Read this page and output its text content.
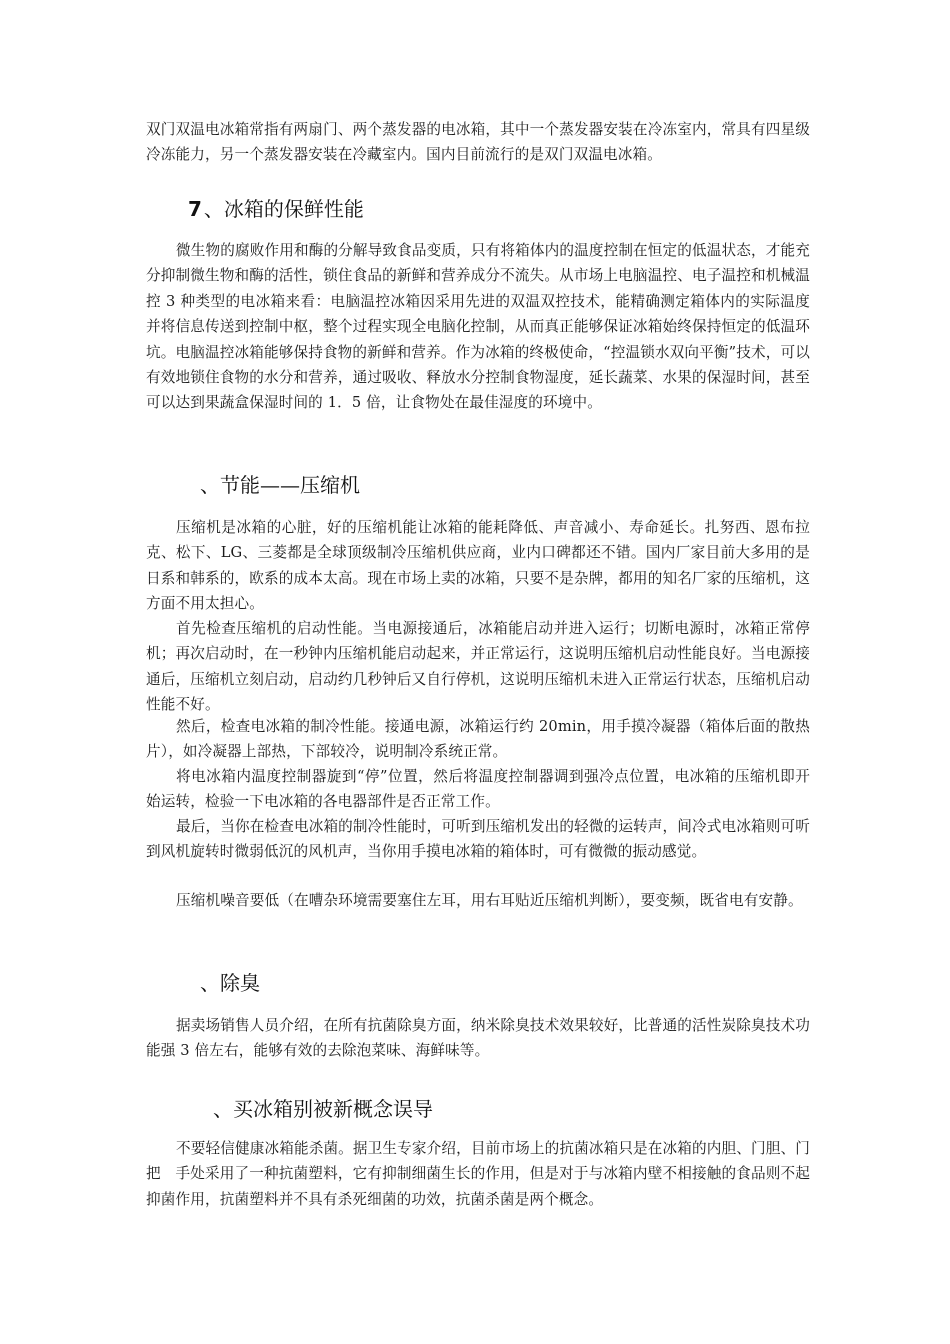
双门双温电冰箱常指有两扇门、两个蒸发器的电冰箱，其中一个蒸发器安装在冷冻室内，常具有四星级冷冻能力，另一个蒸发器安装在冷藏室内。国内目前流行的是双门双温电冰箱。
7 、冰箱的保鲜性能
微生物的腐败作用和酶的分解导致食品变质，只有将箱体内的温度控制在恒定的低温状态，才能充分抑制微生物和酶的活性，锁住食品的新鲜和营养成分不流失。从市场上电脑温控、电子温控和机械温控 3 种类型的电冰箱来看：电脑温控冰箱因采用先进的双温双控技术，能精确测定箱体内的实际温度并将信息传送到控制中枢，整个过程实现全电脑化控制，从而真正能够保证冰箱始终保持恒定的低温环坑。电脑温控冰箱能够保持食物的新鲜和营养。作为冰箱的终极使命，“控温锁水双向平衡”技术，可以有效地锁住食物的水分和营养，通过吸收、释放水分控制食物湿度，延长蔬菜、水果的保湿时间，甚至可以达到果蔬盒保湿时间的 1．5 倍，让食物处在最佳湿度的环境中。
、节能——压缩机
压缩机是冰箱的心脏，好的压缩机能让冰箱的能耗降低、声音减小、寿命延长。扎努西、恩布拉克、松下、LG、三菱都是全球顶级制冷压缩机供应商，业内口碑都还不错。国内厂家目前大多用的是日系和韩系的，欧系的成本太高。现在市场上卖的冰箱，只要不是杂牌，都用的知名厂家的压缩机，这方面不用太担心。
首先检查压缩机的启动性能。当电源接通后，冰箱能启动并进入运行；切断电源时，冰箱正常停机；再次启动时，在一秒钟内压缩机能启动起来，并正常运行，这说明压缩机启动性能良好。当电源接通后，压缩机立刻启动，启动约几秒钟后又自行停机，这说明压缩机未进入正常运行状态，压缩机启动性能不好。
然后，检查电冰箱的制冷性能。接通电源，冰箱运行约 20min，用手摸冷凝器（箱体后面的散热片），如冷凝器上部热，下部较冷，说明制冷系统正常。
将电冰箱内温度控制器旋到“停”位置，然后将温度控制器调到强冷点位置，电冰箱的压缩机即开始运转，检验一下电冰箱的各电器部件是否正常工作。
最后，当你在检查电冰箱的制冷性能时，可听到压缩机发出的轻微的运转声，间冷式电冰箱则可听到风机旋转时微弱低沉的风机声，当你用手摸电冰箱的箱体时，可有微微的振动感觉。
压缩机噪音要低（在嘈杂环境需要塞住左耳，用右耳贴近压缩机判断），要变频，既省电有安静。
、除臭
据卖场销售人员介绍，在所有抗菌除臭方面，纳米除臭技术效果较好，比普通的活性炭除臭技术功能强 3 倍左右，能够有效的去除泡菜味、海鲜味等。
、买冰箱别被新概念误导
不要轻信健康冰箱能杀菌。据卫生专家介绍，目前市场上的抗菌冰箱只是在冰箱的内胆、门胆、门把　手处采用了一种抗菌塑料，它有抑制细菌生长的作用，但是对于与冰箱内壁不相接触的食品则不起抑菌作用，抗菌塑料并不具有杀死细菌的功效，抗菌杀菌是两个概念。
